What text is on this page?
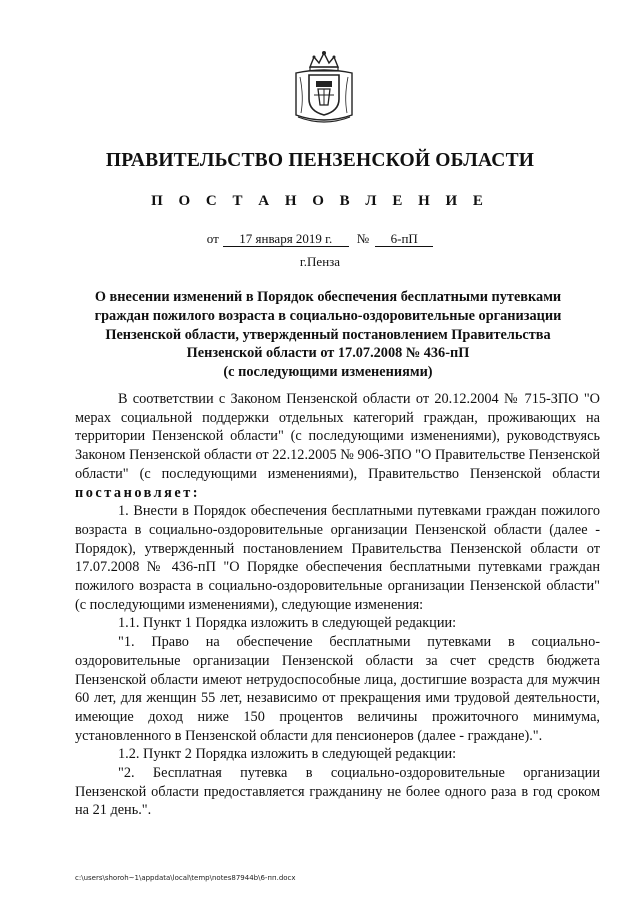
ПРАВИТЕЛЬСТВО ПЕНЗЕНСКОЙ ОБЛАСТИ
П О С Т А Н О В Л Е Н И Е
от 17 января 2019 г. № 6-пП
г.Пенза
О внесении изменений в Порядок обеспечения бесплатными путевками
граждан пожилого возраста в социально-оздоровительные организации
Пензенской области, утвержденный постановлением Правительства
Пензенской области от 17.07.2008 № 436-пП
(с последующими изменениями)

В соответствии с Законом Пензенской области от 20.12.2004 № 715-ЗПО "О мерах социальной поддержки отдельных категорий граждан, проживающих на территории Пензенской области" (с последующими изменениями), руководствуясь Законом Пензенской области от 22.12.2005 № 906-ЗПО "О Правительстве Пензенской области" (с последующими изменениями), Правительство Пензенской области постановляет:

1. Внести в Порядок обеспечения бесплатными путевками граждан пожилого возраста в социально-оздоровительные организации Пензенской области (далее - Порядок), утвержденный постановлением Правительства Пензенской области от 17.07.2008 № 436-пП "О Порядке обеспечения бесплатными путевками граждан пожилого возраста в социально-оздоровительные организации Пензенской области" (с последующими изменениями), следующие изменения:

1.1. Пункт 1 Порядка изложить в следующей редакции:

"1. Право на обеспечение бесплатными путевками в социально-оздоровительные организации Пензенской области за счет средств бюджета Пензенской области имеют нетрудоспособные лица, достигшие возраста для мужчин 60 лет, для женщин 55 лет, независимо от прекращения ими трудовой деятельности, имеющие доход ниже 150 процентов величины прожиточного минимума, установленного в Пензенской области для пенсионеров (далее - граждане).".

1.2. Пункт 2 Порядка изложить в следующей редакции:

"2. Бесплатная путевка в социально-оздоровительные организации Пензенской области предоставляется гражданину не более одного раза в год сроком на 21 день.".

c:\users\shoroh~1\appdata\local\temp\notes87944b\6-пп.docx
